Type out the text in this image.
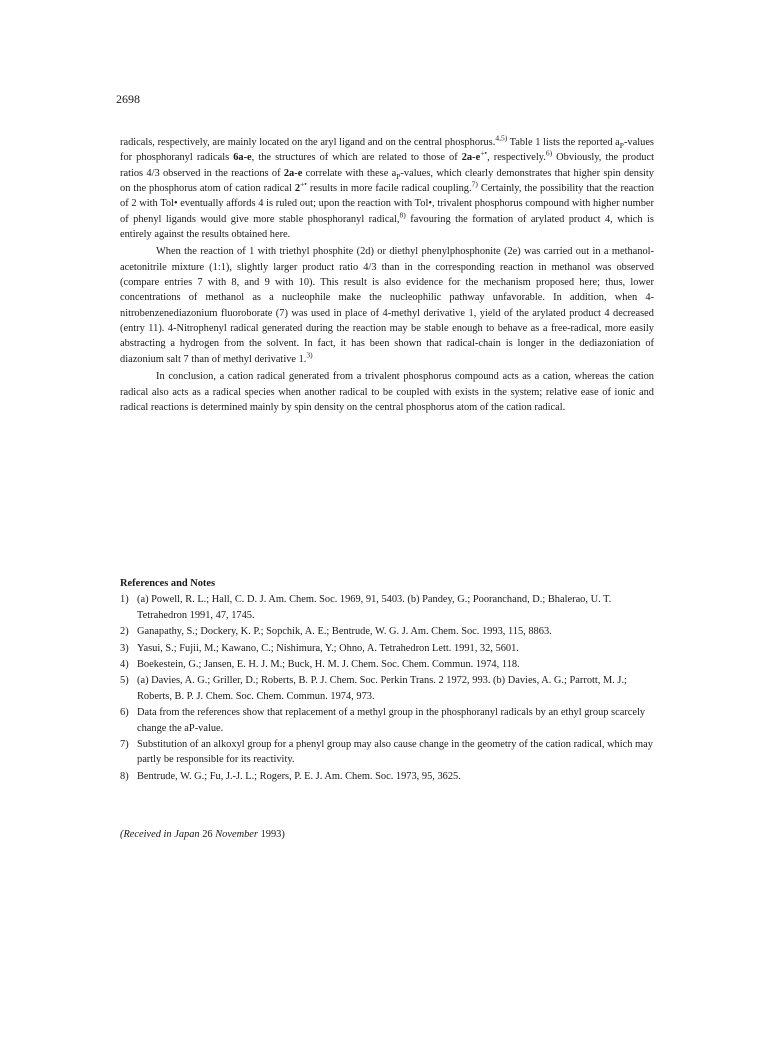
2698

radicals, respectively, are mainly located on the aryl ligand and on the central phosphorus.$^{4,5)}$ Table 1 lists the reported $a_P$-values for phosphoranyl radicals 6a-e, the structures of which are related to those of 2a-e+•, respectively.$^{6)}$ Obviously, the product ratios 4/3 observed in the reactions of 2a-e correlate with these $a_P$-values, which clearly demonstrates that higher spin density on the phosphorus atom of cation radical 2+• results in more facile radical coupling.$^{7)}$ Certainly, the possibility that the reaction of 2 with Tol• eventually affords 4 is ruled out; upon the reaction with Tol•, trivalent phosphorus compound with higher number of phenyl ligands would give more stable phosphoranyl radical,$^{8)}$ favouring the formation of arylated product 4, which is entirely against the results obtained here.

When the reaction of 1 with triethyl phosphite (2d) or diethyl phenylphosphonite (2e) was carried out in a methanol-acetonitrile mixture (1:1), slightly larger product ratio 4/3 than in the corresponding reaction in methanol was observed (compare entries 7 with 8, and 9 with 10). This result is also evidence for the mechanism proposed here; thus, lower concentrations of methanol as a nucleophile make the nucleophilic pathway unfavorable. In addition, when 4-nitrobenzenediazonium fluoroborate (7) was used in place of 4-methyl derivative 1, yield of the arylated product 4 decreased (entry 11). 4-Nitrophenyl radical generated during the reaction may be stable enough to behave as a free-radical, more easily abstracting a hydrogen from the solvent. In fact, it has been shown that radical-chain is longer in the dediazoniation of diazonium salt 7 than of methyl derivative 1.$^{3)}$

In conclusion, a cation radical generated from a trivalent phosphorus compound acts as a cation, whereas the cation radical also acts as a radical species when another radical to be coupled with exists in the system; relative ease of ionic and radical reactions is determined mainly by spin density on the central phosphorus atom of the cation radical.

References and Notes
1) (a) Powell, R. L.; Hall, C. D. J. Am. Chem. Soc. 1969, 91, 5403. (b) Pandey, G.; Pooranchand, D.; Bhalerao, U. T. Tetrahedron 1991, 47, 1745.
2) Ganapathy, S.; Dockery, K. P.; Sopchik, A. E.; Bentrude, W. G. J. Am. Chem. Soc. 1993, 115, 8863.
3) Yasui, S.; Fujii, M.; Kawano, C.; Nishimura, Y.; Ohno, A. Tetrahedron Lett. 1991, 32, 5601.
4) Boekestein, G.; Jansen, E. H. J. M.; Buck, H. M. J. Chem. Soc. Chem. Commun. 1974, 118.
5) (a) Davies, A. G.; Griller, D.; Roberts, B. P. J. Chem. Soc. Perkin Trans. 2 1972, 993. (b) Davies, A. G.; Parrott, M. J.; Roberts, B. P. J. Chem. Soc. Chem. Commun. 1974, 973.
6) Data from the references show that replacement of a methyl group in the phosphoranyl radicals by an ethyl group scarcely change the aP-value.
7) Substitution of an alkoxyl group for a phenyl group may also cause change in the geometry of the cation radical, which may partly be responsible for its reactivity.
8) Bentrude, W. G.; Fu, J.-J. L.; Rogers, P. E. J. Am. Chem. Soc. 1973, 95, 3625.
(Received in Japan 26 November 1993)
